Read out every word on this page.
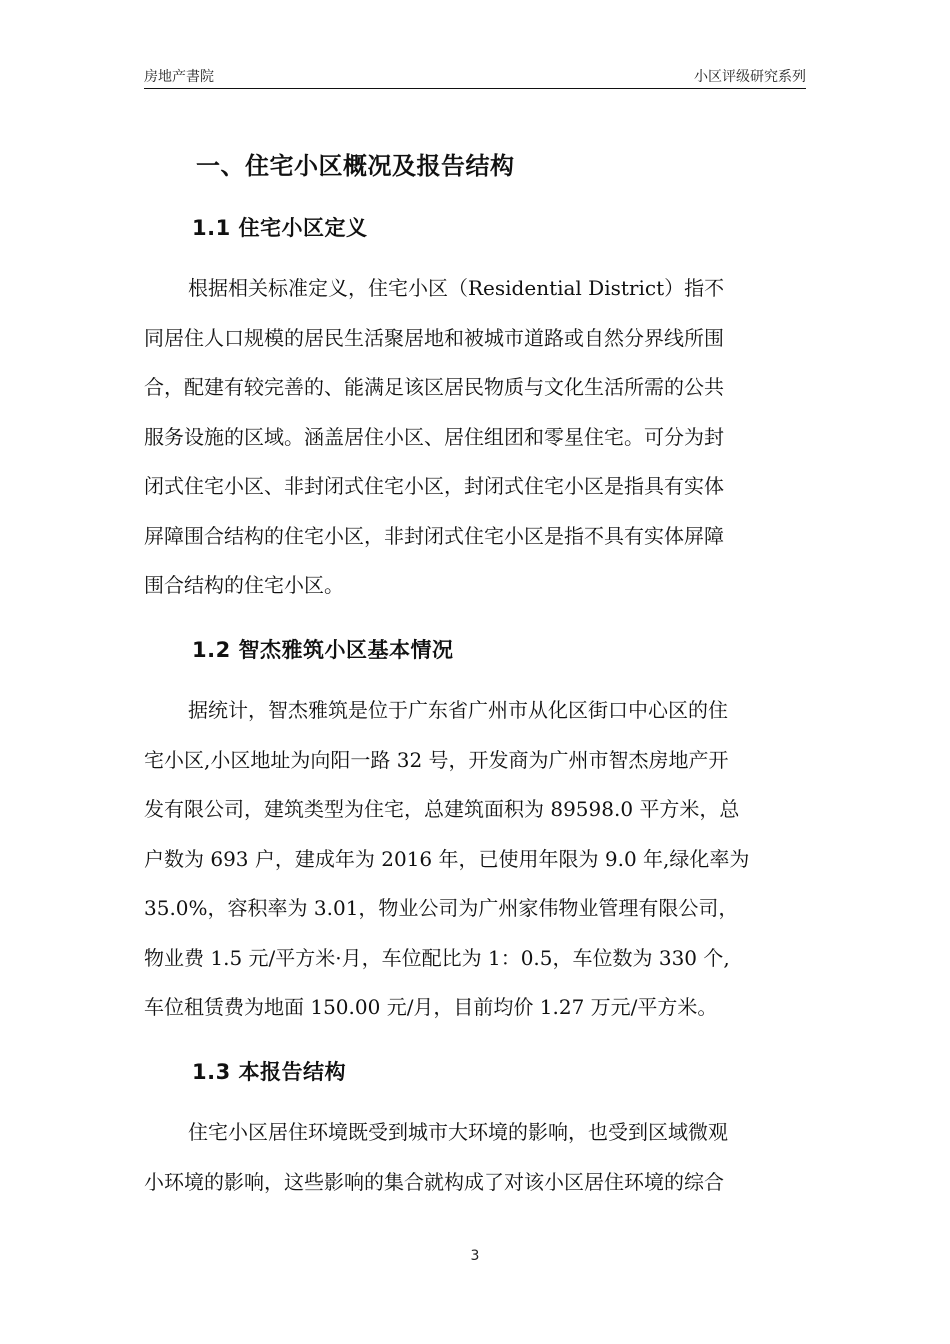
房地产書院	小区评级研究系列
一、住宅小区概况及报告结构
1.1 住宅小区定义
根据相关标准定义，住宅小区（Residential District）指不
同居住人口规模的居民生活聚居地和被城市道路或自然分界线所围
合，配建有较完善的、能满足该区居民物质与文化生活所需的公共
服务设施的区域。涵盖居住小区、居住组团和零星住宅。可分为封
闭式住宅小区、非封闭式住宅小区，封闭式住宅小区是指具有实体
屏障围合结构的住宅小区，非封闭式住宅小区是指不具有实体屏障
围合结构的住宅小区。
1.2 智杰雅筑小区基本情况
据统计，智杰雅筑是位于广东省广州市从化区街口中心区的住
宅小区,小区地址为向阳一路 32 号，开发商为广州市智杰房地产开
发有限公司，建筑类型为住宅，总建筑面积为 89598.0 平方米，总
户数为 693 户，建成年为 2016 年，已使用年限为 9.0 年,绿化率为
35.0%，容积率为 3.01，物业公司为广州家伟物业管理有限公司，
物业费 1.5 元/平方米·月，车位配比为 1：0.5，车位数为 330 个,
车位租赁费为地面 150.00 元/月，目前均价 1.27 万元/平方米。
1.3 本报告结构
住宅小区居住环境既受到城市大环境的影响，也受到区域微观
小环境的影响，这些影响的集合就构成了对该小区居住环境的综合
3
